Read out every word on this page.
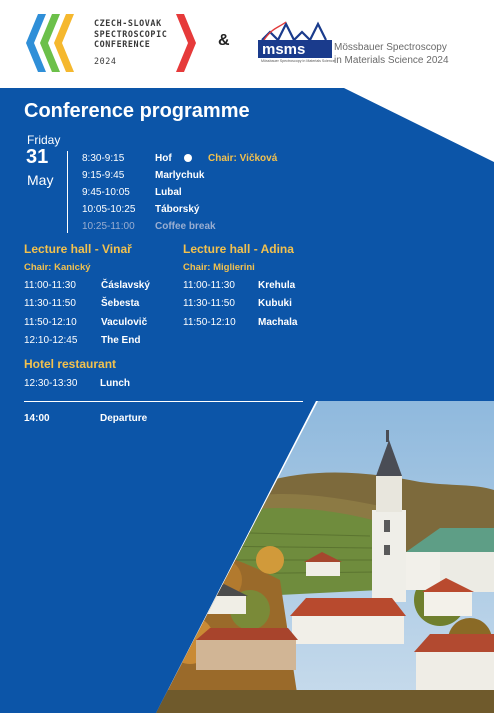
CZECH-SLOVAK
SPECTROSCOPIC
CONFERENCE
2024
&
msms
Mössbauer Spectroscopy in Materials Science
Mössbauer Spectroscopy
in Materials Science 2024
Conference programme
Friday
31
May
8:30-9:15	Hof	Chair: Vičková
9:15-9:45	Marlychuk
9:45-10:05	Lubal
10:05-10:25 Táborský
10:25-11:00 Coffee break
Lecture hall - Vinař
Chair: Kanický
11:00-11:30	Čáslavský
11:30-11:50	Šebesta
11:50-12:10 Vaculovič
12:10-12:45 The End
Lecture hall - Adina
Chair: Miglierini
11:00-11:30 Krehula
11:30-11:50 Kubuki
11:50-12:10 Machala
Hotel restaurant
12:30-13:30 Lunch
14:00	Departure
